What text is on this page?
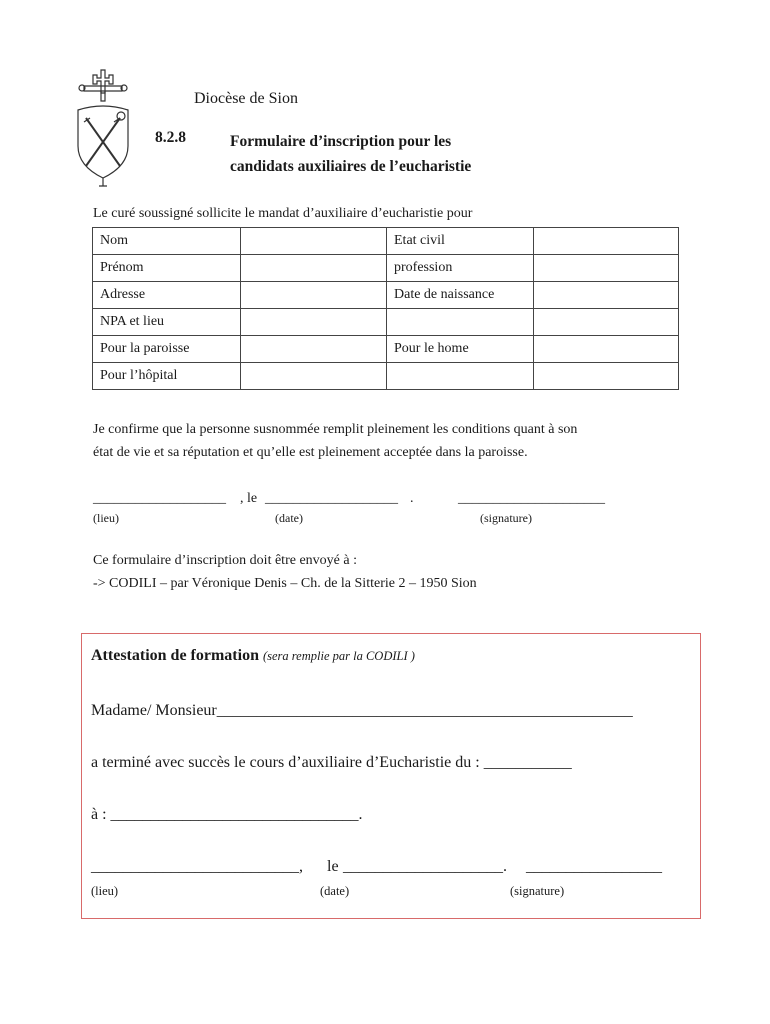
Diocèse de Sion
8.2.8	Formulaire d’inscription pour les
candidats auxiliaires de l’eucharistie
Le curé soussigné sollicite le mandat d’auxiliaire d’eucharistie pour
Nom		Etat civil	
Prénom		profession	
Adresse		Date de naissance	
NPA et lieu			
Pour la paroisse		Pour le home	
Pour l’hôpital			
Je confirme que la personne susnommée remplit pleinement les conditions quant à son
état de vie et sa réputation et qu’elle est pleinement acceptée dans la paroisse.
___________________ , le ___________________ .	_____________________
(lieu)	(date)	(signature)
Ce formulaire d’inscription doit être envoyé à :
-> CODILI – par Véronique Denis – Ch. de la Sitterie 2 – 1950 Sion
Attestation de formation (sera remplie par la CODILI )
Madame/ Monsieur____________________________________________________
a terminé avec succès le cours d’auxiliaire d’Eucharistie du : ___________
à : _______________________________.
__________________________, le ____________________. _________________
(lieu)	(date)	(signature)
